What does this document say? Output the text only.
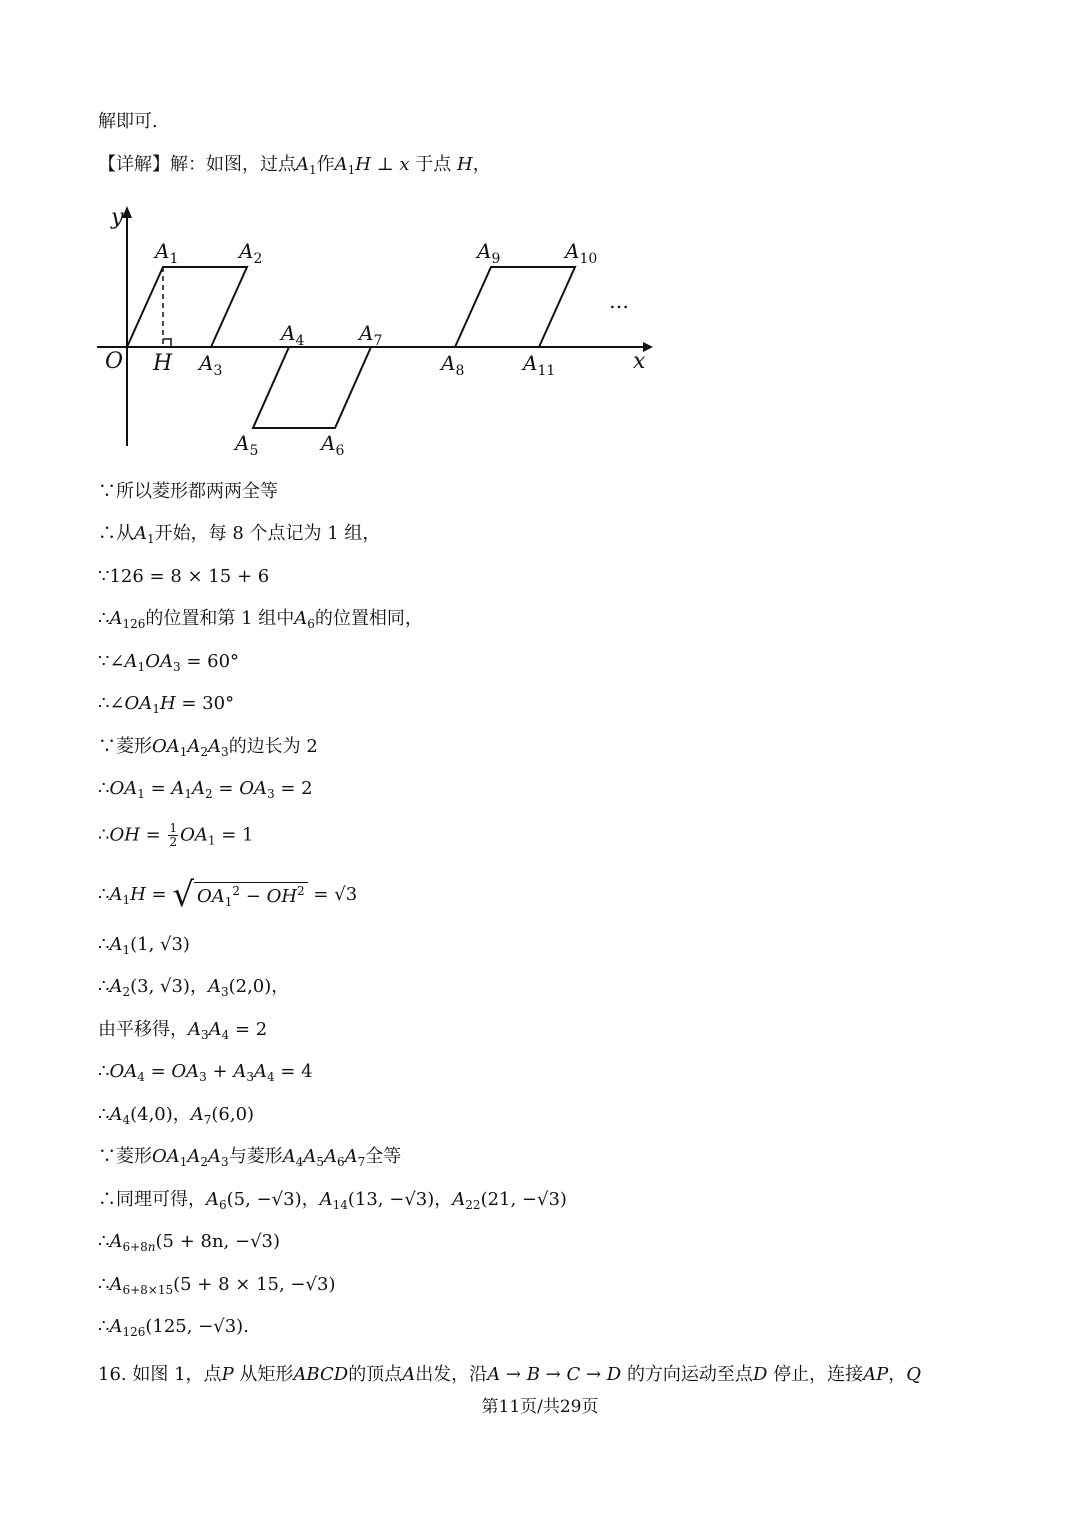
解即可.
【详解】解：如图，过点$A_1$作$A_1H$ ⊥ x 于点 H，
y
x
O H
…
$A_1$	$A_2$
$A_3$
$A_4$
$A_5$	$A_6$
$A_7$
$A_8$
$A_9$	$A_{10}$
$A_{11}$
∵所以菱形都两两全等
∴从$A_1$开始，每 8 个点记为 1 组，
∵126 = 8 × 15 + 6
$\therefore A_{126}$的位置和第 1 组中$A_6$的位置相同，
$\because\angle A_1OA_3 = 60^\circ$
$\therefore\angle OA_1H = 30^\circ$
∵菱形$OA_1A_2A_3$的边长为 2
$\therefore OA_1 = A_1A_2 = OA_3 = 2$
∴OH = $\frac{1}{2} OA_1 = 1$
$\therefore A_1H$ = √ $OA_1^2 - OH^2 = √3$
$\therefore A_1(1$, √3)
$\therefore A_2(3$, √3)，$A_3(2,0)$，
由平移得，$A_3A_4 = 2$
$\therefore OA_4 = OA_3 + A_3A_4 = 4$
$\therefore A_4(4,0)$，$A_7(6,0)$
∵菱形$OA_1A_2A_3$与菱形$A_4A_5A_6A_7$全等
∴同理可得，$A_6(5$, −√3)，$A_{14}(13$, −√3)，$A_{22}(21$, −√3)
$\therefore A_{6+8n}(5 + 8n$, −√3)
$\therefore A_{6+8\times 15}(5 + 8 \times 15$, −√3)
$\therefore A_{126}(125$, −√3).
16. 如图 1，点P 从矩形ABCD的顶点A出发，沿A → B → C → D 的方向运动至点D 停止，连接AP，Q
第11页/共29页
